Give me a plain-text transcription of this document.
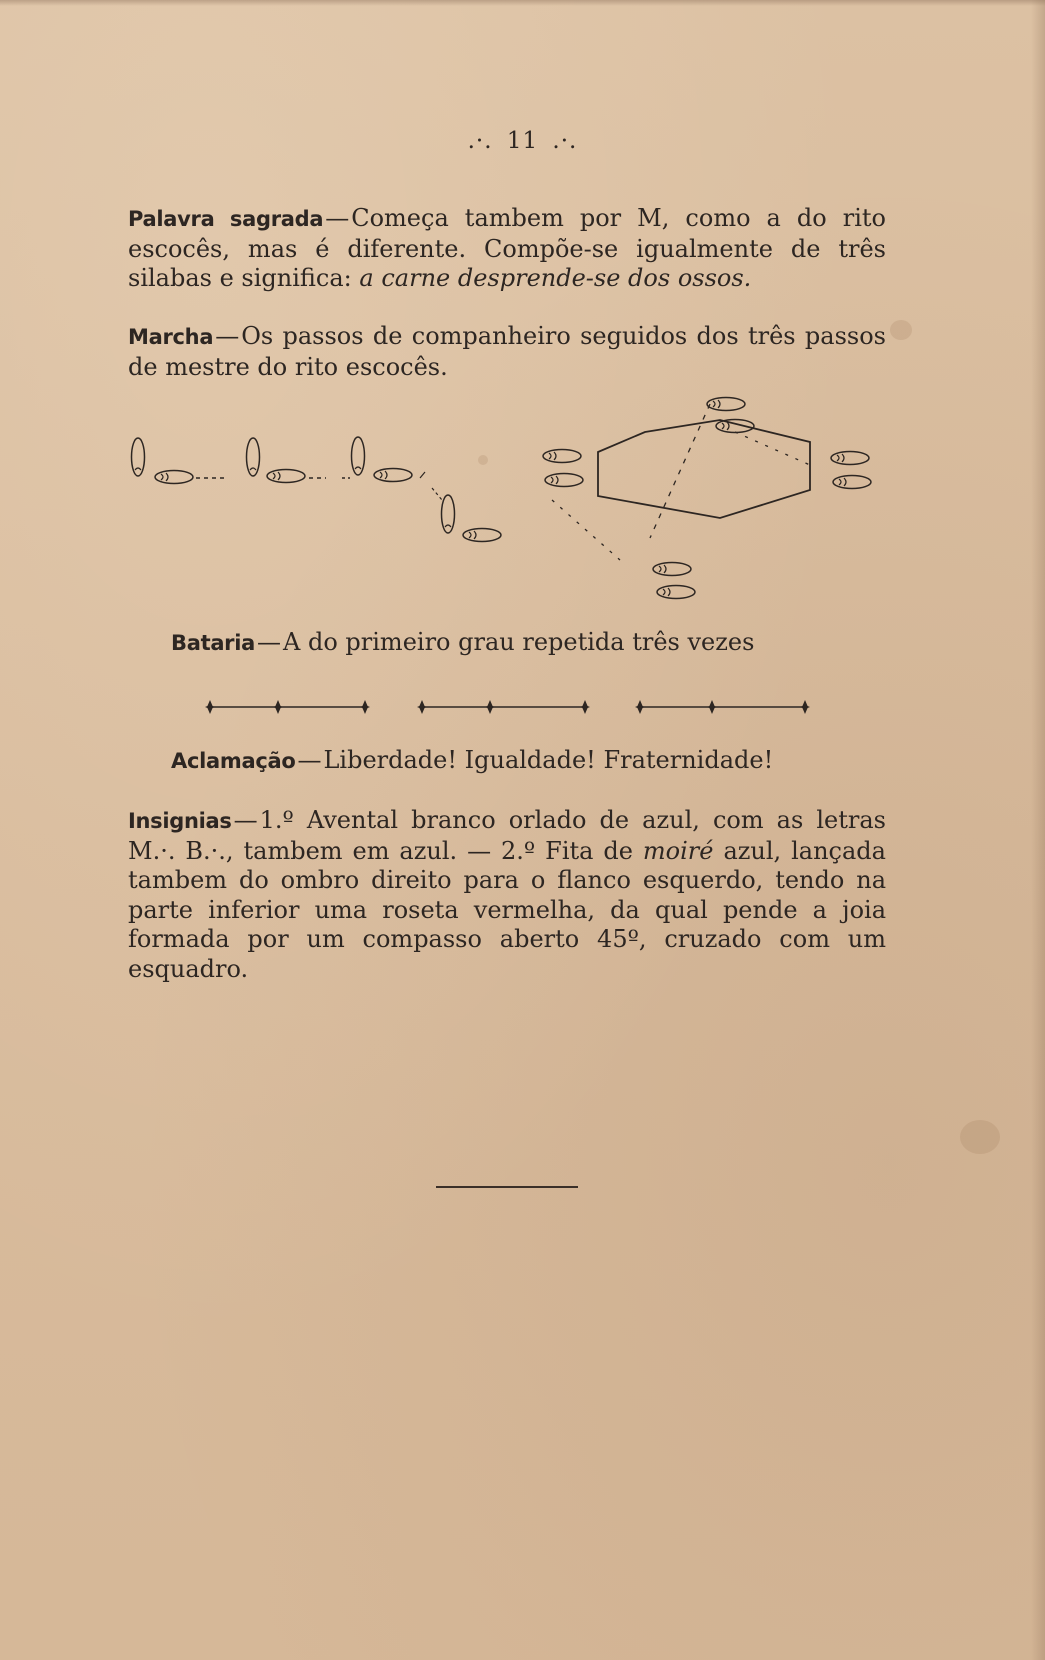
.·. 11 .·.
Palavra sagrada—Começa tambem por M, como a do rito escocês, mas é diferente. Compõe-se igualmente de três silabas e significa: a carne desprende-se dos ossos.
Marcha—Os passos de companheiro seguidos dos três passos de mestre do rito escocês.
Bataria—A do primeiro grau repetida três vezes
Aclamação—Liberdade! Igualdade! Fraternidade!
Insignias—1.º Avental branco orlado de azul, com as letras M.·. B.·., tambem em azul. — 2.º Fita de moiré azul, lançada tambem do ombro direito para o flanco esquerdo, tendo na parte inferior uma roseta vermelha, da qual pende a joia formada por um compasso aberto 45º, cruzado com um esquadro.
